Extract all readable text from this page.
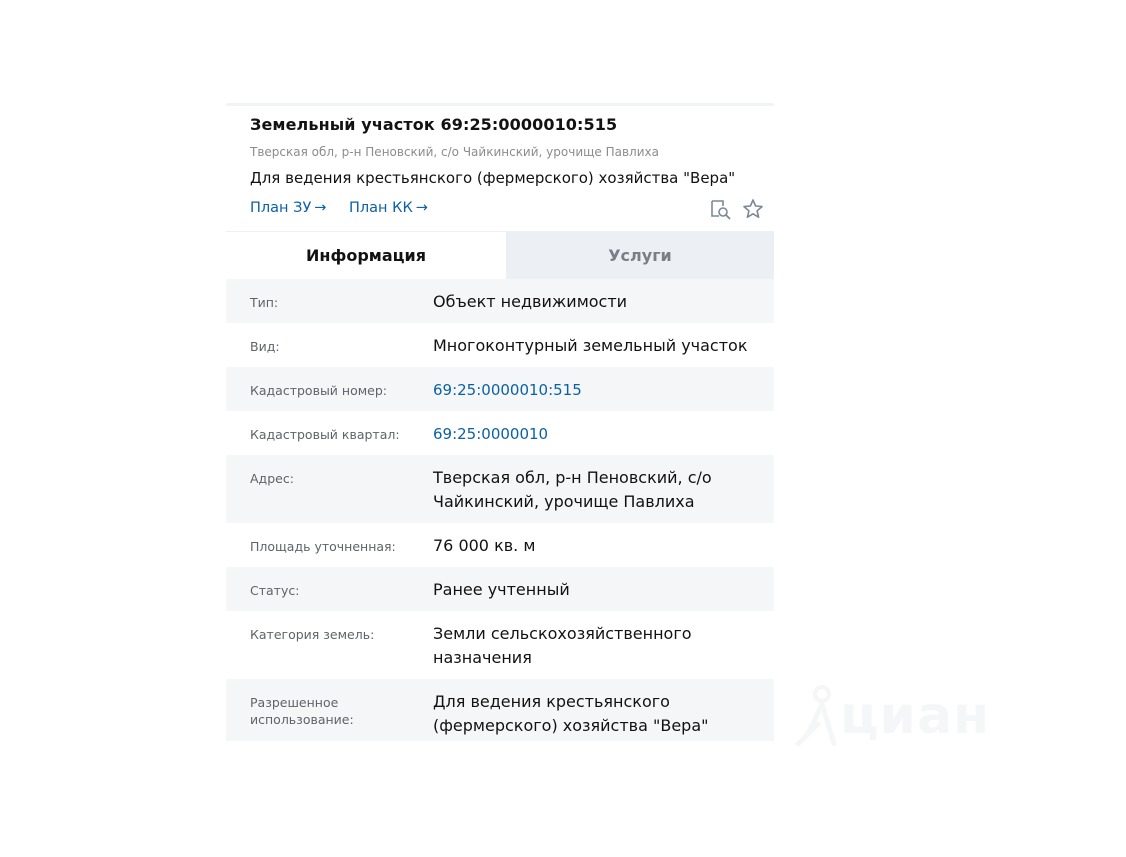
Земельный участок 69:25:0000010:515
Тверская обл, р-н Пеновский, с/о Чайкинский, урочище Павлиха
Для ведения крестьянского (фермерского) хозяйства "Вера"
План ЗУ → План КК →
Информация	Услуги
Тип:	Объект недвижимости
Вид:	Многоконтурный земельный участок
Кадастровый номер:	69:25:0000010:515
Кадастровый квартал:	69:25:0000010
Адрес:	Тверская обл, р-н Пеновский, с/о Чайкинский, урочище Павлиха
Площадь уточненная:	76 000 кв. м
Статус:	Ранее учтенный
Категория земель:	Земли сельскохозяйственного назначения
Разрешенное использование:
Для ведения крестьянского (фермерского) хозяйства "Вера"	циан
